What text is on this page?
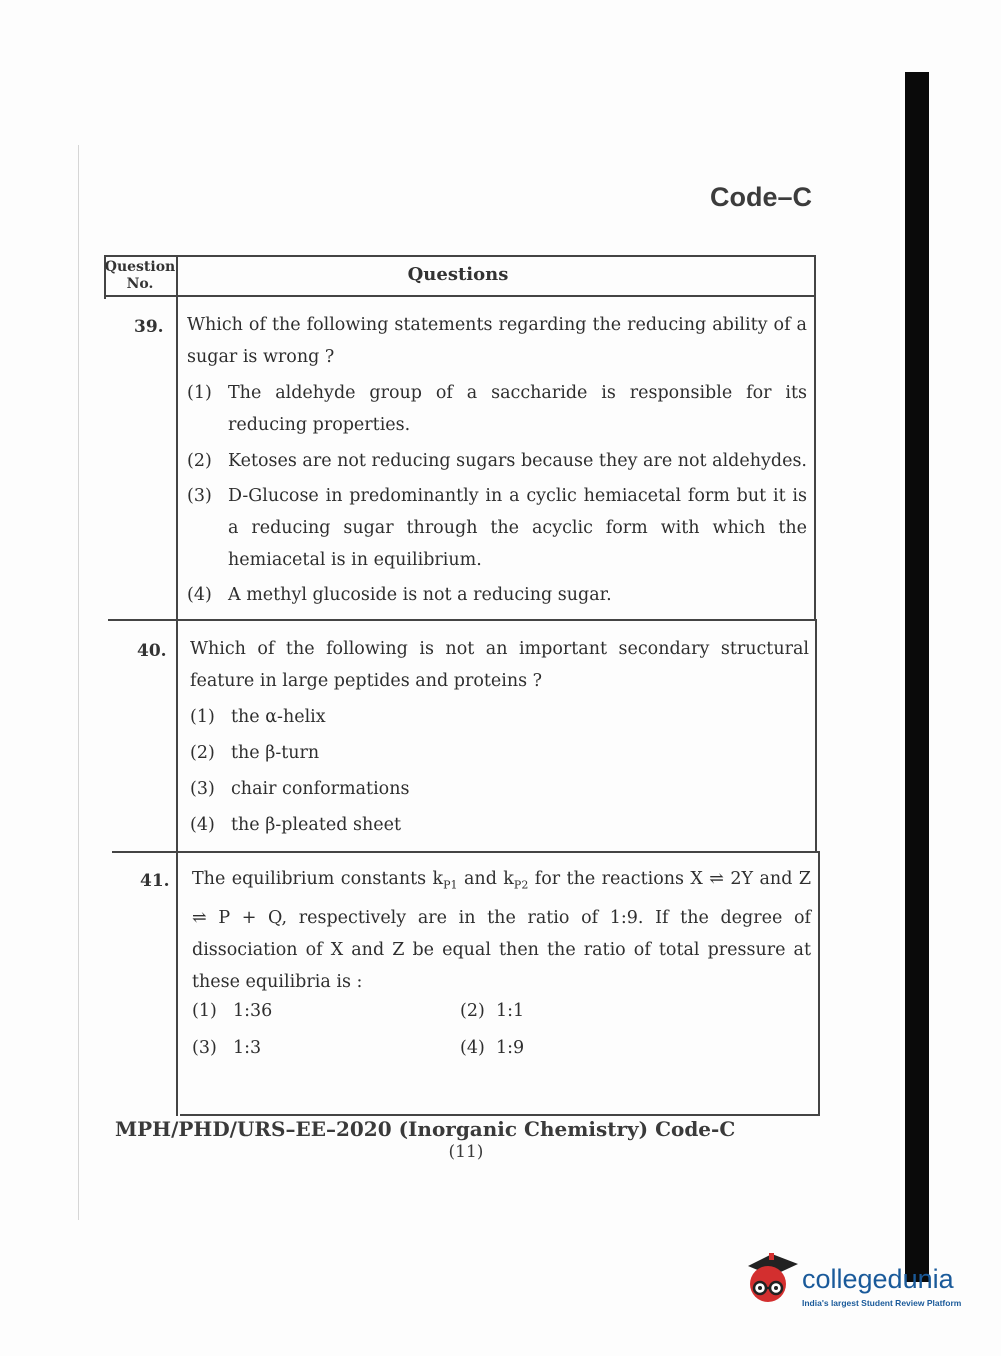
Code–C
Question No.	Questions
39. Which of the following statements regarding the reducing ability of a sugar is wrong ?
(1) The aldehyde group of a saccharide is responsible for its reducing properties.
(2) Ketoses are not reducing sugars because they are not aldehydes.
(3) D-Glucose in predominantly in a cyclic hemiacetal form but it is a reducing sugar through the acyclic form with which the hemiacetal is in equilibrium.
(4) A methyl glucoside is not a reducing sugar.
40. Which of the following is not an important secondary structural feature in large peptides and proteins ?
(1) the α-helix
(2) the β-turn
(3) chair conformations
(4) the β-pleated sheet
41. The equilibrium constants $k_{P1}$ and $k_{P2}$ for the reactions X ⇌ 2Y and Z ⇌ P + Q, respectively are in the ratio of 1:9. If the degree of dissociation of X and Z be equal then the ratio of total pressure at these equilibria is :
(1) 1:36	(2) 1:1
(3) 1:3	(4) 1:9
MPH/PHD/URS–EE–2020 (Inorganic Chemistry) Code-C
(11)
collegedunia
India's largest Student Review Platform
